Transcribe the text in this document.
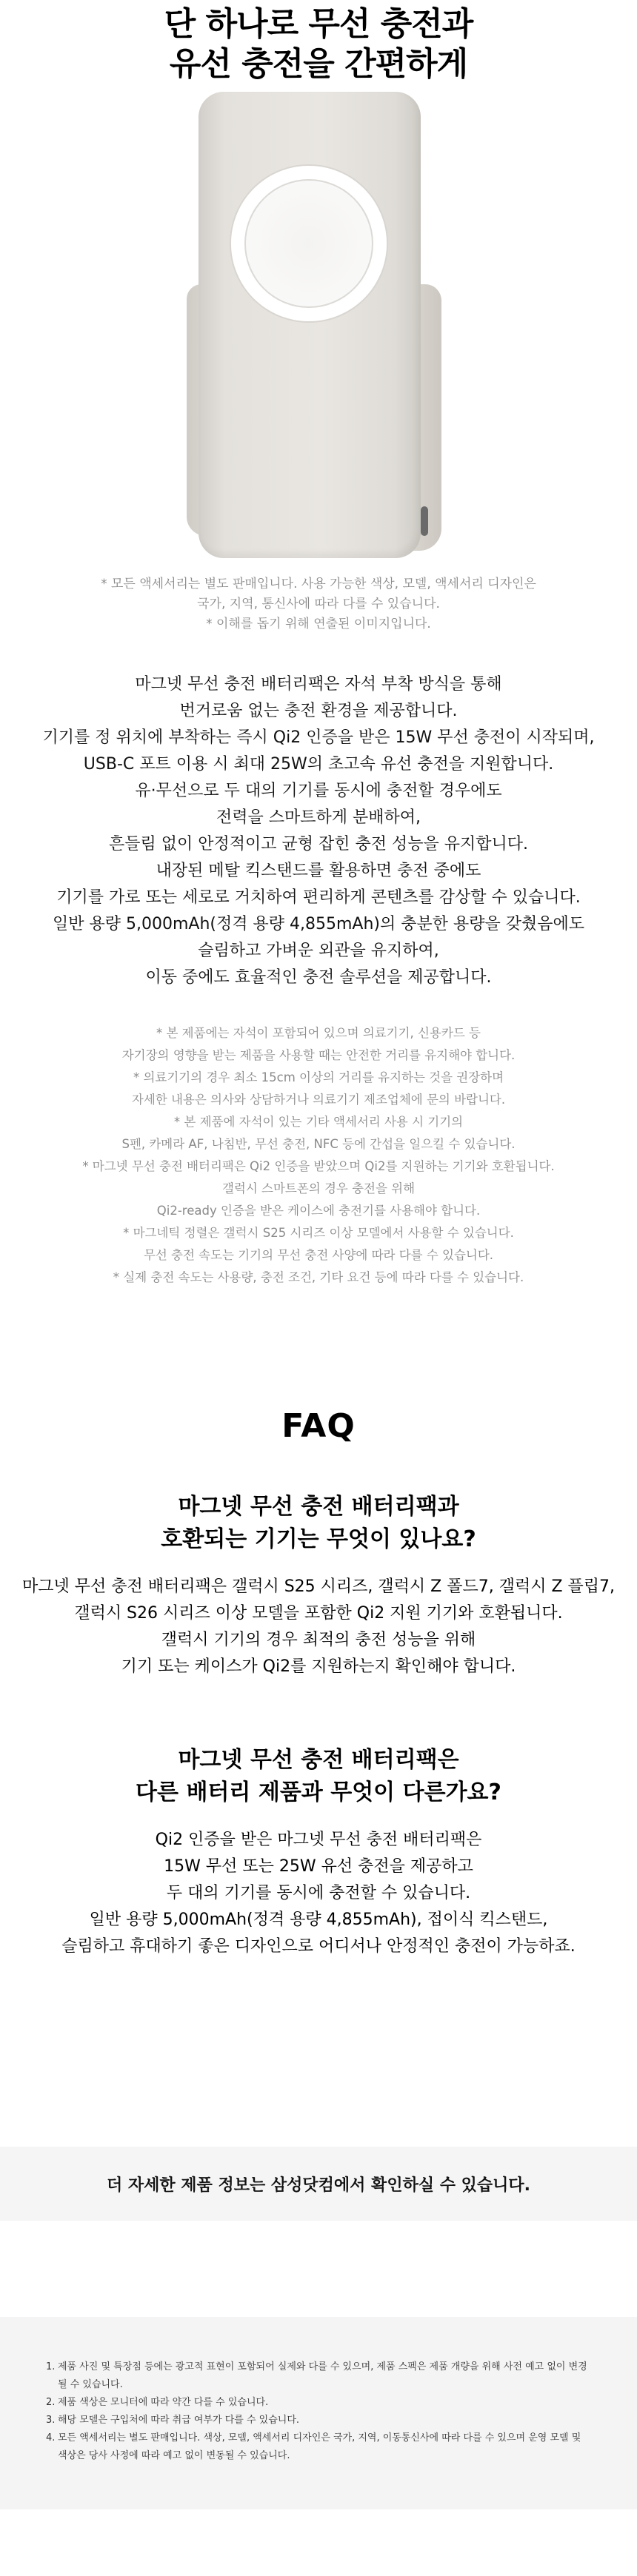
단 하나로 무선 충전과
유선 충전을 간편하게
* 모든 액세서리는 별도 판매입니다. 사용 가능한 색상, 모델, 액세서리 디자인은
국가, 지역, 통신사에 따라 다를 수 있습니다.
* 이해를 돕기 위해 연출된 이미지입니다.
마그넷 무선 충전 배터리팩은 자석 부착 방식을 통해
번거로움 없는 충전 환경을 제공합니다.
기기를 정 위치에 부착하는 즉시 Qi2 인증을 받은 15W 무선 충전이 시작되며,
USB-C 포트 이용 시 최대 25W의 초고속 유선 충전을 지원합니다.
유·무선으로 두 대의 기기를 동시에 충전할 경우에도
전력을 스마트하게 분배하여,
흔들림 없이 안정적이고 균형 잡힌 충전 성능을 유지합니다.
내장된 메탈 킥스탠드를 활용하면 충전 중에도
기기를 가로 또는 세로로 거치하여 편리하게 콘텐츠를 감상할 수 있습니다.
일반 용량 5,000mAh(정격 용량 4,855mAh)의 충분한 용량을 갖췄음에도
슬림하고 가벼운 외관을 유지하여,
이동 중에도 효율적인 충전 솔루션을 제공합니다.
* 본 제품에는 자석이 포함되어 있으며 의료기기, 신용카드 등
자기장의 영향을 받는 제품을 사용할 때는 안전한 거리를 유지해야 합니다.
* 의료기기의 경우 최소 15cm 이상의 거리를 유지하는 것을 권장하며
자세한 내용은 의사와 상담하거나 의료기기 제조업체에 문의 바랍니다.
* 본 제품에 자석이 있는 기타 액세서리 사용 시 기기의
S펜, 카메라 AF, 나침반, 무선 충전, NFC 등에 간섭을 일으킬 수 있습니다.
* 마그넷 무선 충전 배터리팩은 Qi2 인증을 받았으며 Qi2를 지원하는 기기와 호환됩니다.
갤럭시 스마트폰의 경우 충전을 위해
Qi2-ready 인증을 받은 케이스에 충전기를 사용해야 합니다.
* 마그네틱 정렬은 갤럭시 S25 시리즈 이상 모델에서 사용할 수 있습니다.
무선 충전 속도는 기기의 무선 충전 사양에 따라 다를 수 있습니다.
* 실제 충전 속도는 사용량, 충전 조건, 기타 요건 등에 따라 다를 수 있습니다.
FAQ
마그넷 무선 충전 배터리팩과
호환되는 기기는 무엇이 있나요?
마그넷 무선 충전 배터리팩은 갤럭시 S25 시리즈, 갤럭시 Z 폴드7, 갤럭시 Z 플립7,
갤럭시 S26 시리즈 이상 모델을 포함한 Qi2 지원 기기와 호환됩니다.
갤럭시 기기의 경우 최적의 충전 성능을 위해
기기 또는 케이스가 Qi2를 지원하는지 확인해야 합니다.
마그넷 무선 충전 배터리팩은
다른 배터리 제품과 무엇이 다른가요?
Qi2 인증을 받은 마그넷 무선 충전 배터리팩은
15W 무선 또는 25W 유선 충전을 제공하고
두 대의 기기를 동시에 충전할 수 있습니다.
일반 용량 5,000mAh(정격 용량 4,855mAh), 접이식 킥스탠드,
슬림하고 휴대하기 좋은 디자인으로 어디서나 안정적인 충전이 가능하죠.
더 자세한 제품 정보는 삼성닷컴에서 확인하실 수 있습니다.
1. 제품 사진 및 특장점 등에는 광고적 표현이 포함되어 실제와 다를 수 있으며, 제품 스펙은 제품 개량을 위해 사전 예고 없이 변경될 수 있습니다.
2. 제품 색상은 모니터에 따라 약간 다를 수 있습니다.
3. 해당 모델은 구입처에 따라 취급 여부가 다를 수 있습니다.
4. 모든 액세서리는 별도 판매입니다. 색상, 모델, 액세서리 디자인은 국가, 지역, 이동통신사에 따라 다를 수 있으며 운영 모델 및 색상은 당사 사정에 따라 예고 없이 변동될 수 있습니다.
